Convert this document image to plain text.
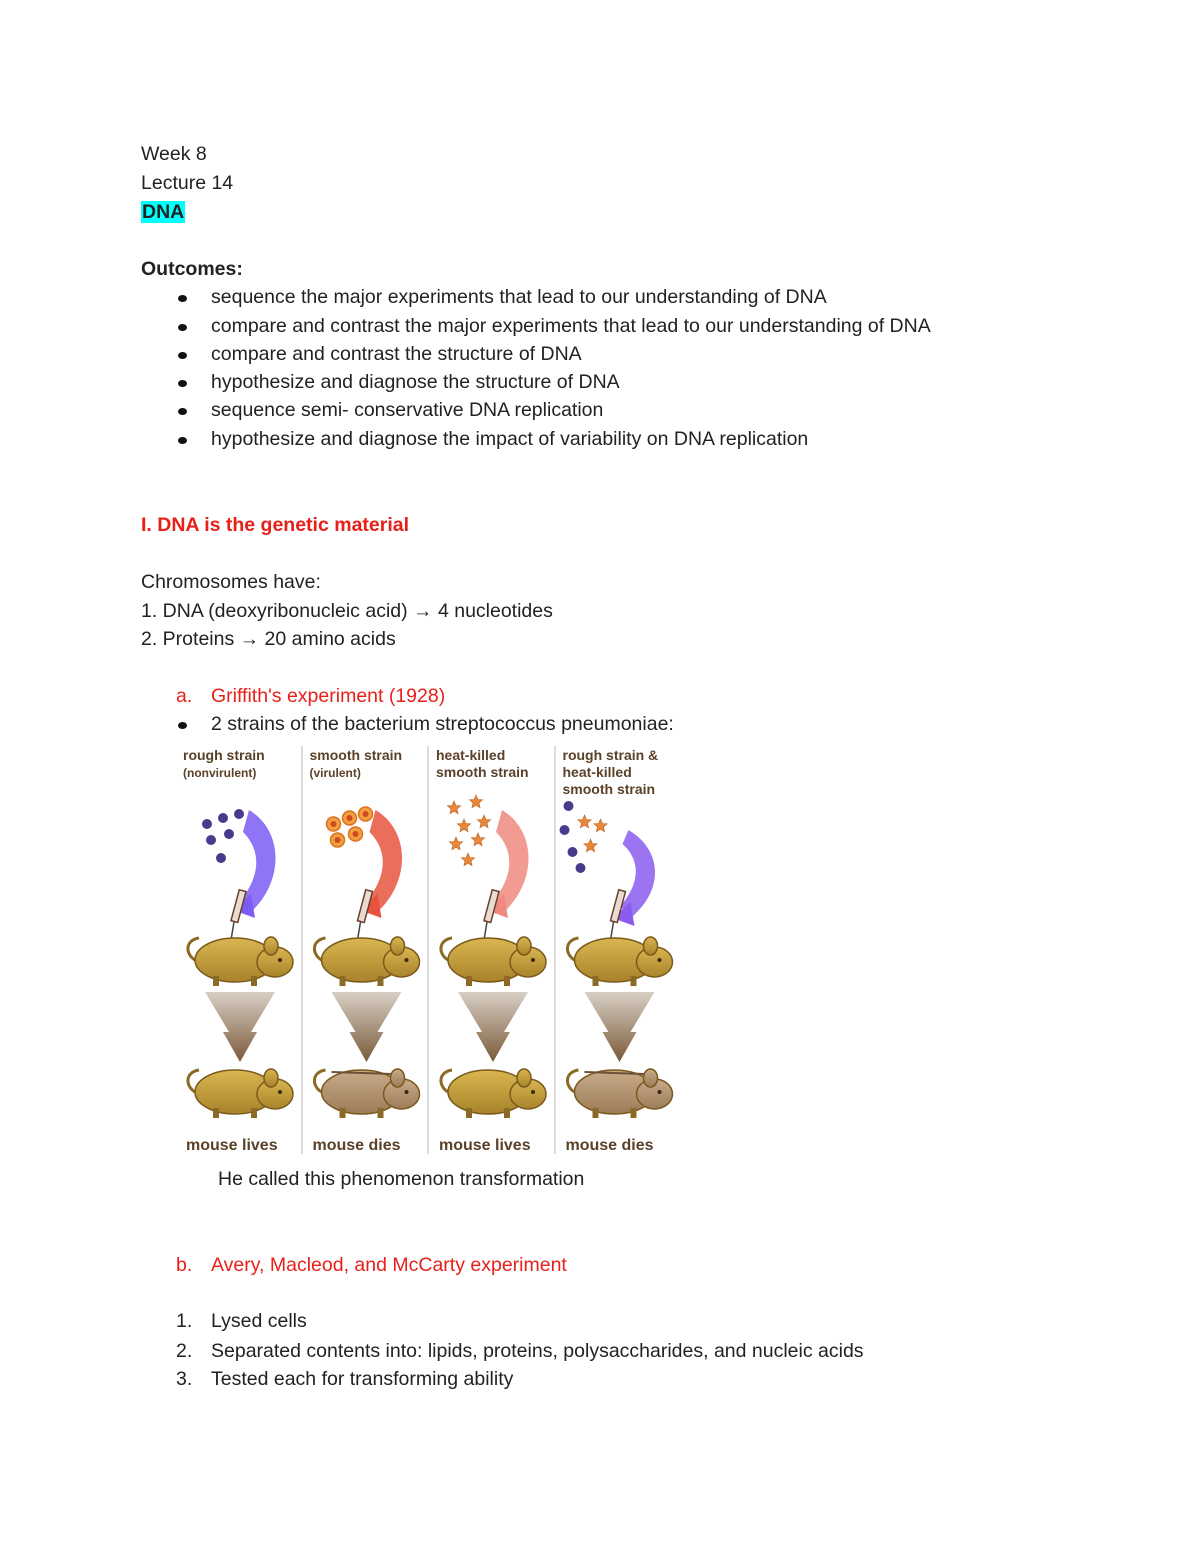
Week 8
Lecture 14
DNA
Outcomes:
sequence the major experiments that lead to our understanding of DNA
compare and contrast the major experiments that lead to our understanding of DNA
compare and contrast the structure of DNA
hypothesize and diagnose the structure of DNA
sequence semi- conservative DNA replication
hypothesize and diagnose the impact of variability on DNA replication
I. DNA is the genetic material
Chromosomes have:
1. DNA (deoxyribonucleic acid) → 4 nucleotides
2. Proteins → 20 amino acids
a. Griffith's experiment (1928)
2 strains of the bacterium streptococcus pneumoniae:
rough strain
(nonvirulent)
mouse lives
smooth strain
(virulent)
mouse dies
heat-killed
smooth strain
mouse lives
rough strain &
heat-killed
smooth strain
mouse dies
He called this phenomenon transformation
b. Avery, Macleod, and McCarty experiment
1. Lysed cells
2. Separated contents into: lipids, proteins, polysaccharides, and nucleic acids
3. Tested each for transforming ability
